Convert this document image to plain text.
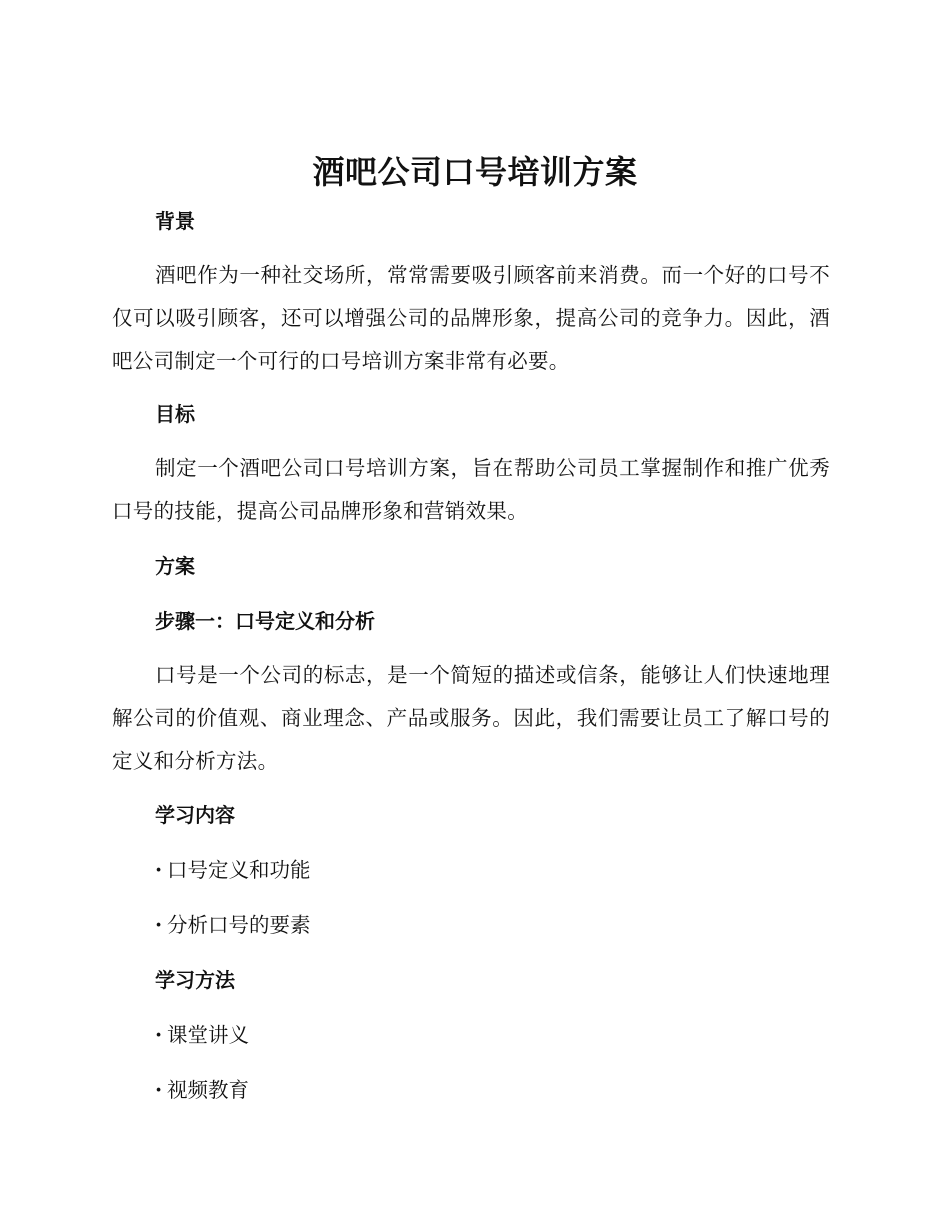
酒吧公司口号培训方案
背景
酒吧作为一种社交场所，常常需要吸引顾客前来消费。而一个好的口号不仅可以吸引顾客，还可以增强公司的品牌形象，提高公司的竞争力。因此，酒吧公司制定一个可行的口号培训方案非常有必要。
目标
制定一个酒吧公司口号培训方案，旨在帮助公司员工掌握制作和推广优秀口号的技能，提高公司品牌形象和营销效果。
方案
步骤一：口号定义和分析
口号是一个公司的标志，是一个简短的描述或信条，能够让人们快速地理解公司的价值观、商业理念、产品或服务。因此，我们需要让员工了解口号的定义和分析方法。
学习内容
· 口号定义和功能
· 分析口号的要素
学习方法
· 课堂讲义
· 视频教育
